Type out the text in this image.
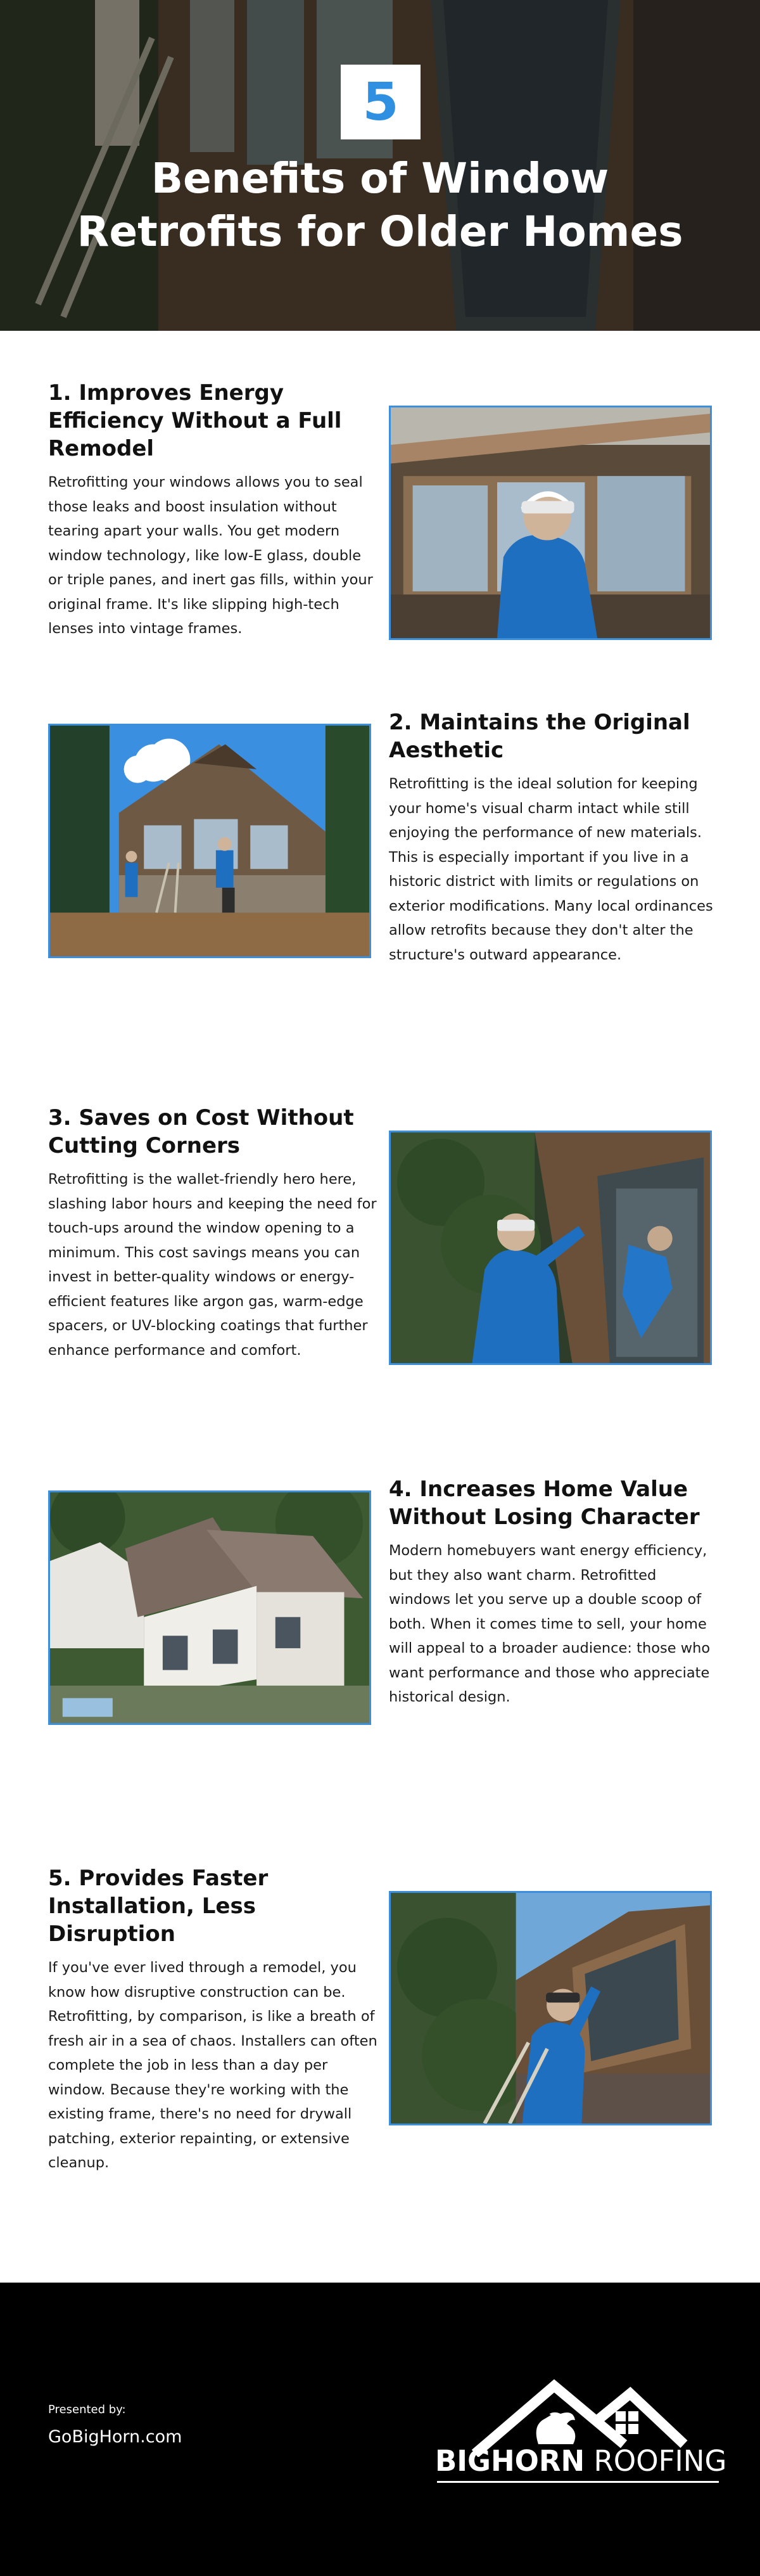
5
Benefits of Window Retrofits for Older Homes
1. Improves Energy Efficiency Without a Full Remodel
Retrofitting your windows allows you to seal those leaks and boost insulation without tearing apart your walls. You get modern window technology, like low-E glass, double or triple panes, and inert gas fills, within your original frame. It's like slipping high-tech lenses into vintage frames.
2. Maintains the Original Aesthetic
Retrofitting is the ideal solution for keeping your home's visual charm intact while still enjoying the performance of new materials. This is especially important if you live in a historic district with limits or regulations on exterior modifications. Many local ordinances allow retrofits because they don't alter the structure's outward appearance.
3. Saves on Cost Without Cutting Corners
Retrofitting is the wallet-friendly hero here, slashing labor hours and keeping the need for touch-ups around the window opening to a minimum. This cost savings means you can invest in better-quality windows or energy-efficient features like argon gas, warm-edge spacers, or UV-blocking coatings that further enhance performance and comfort.
4. Increases Home Value Without Losing Character
Modern homebuyers want energy efficiency, but they also want charm. Retrofitted windows let you serve up a double scoop of both. When it comes time to sell, your home will appeal to a broader audience: those who want performance and those who appreciate historical design.
5. Provides Faster Installation, Less Disruption
If you've ever lived through a remodel, you know how disruptive construction can be. Retrofitting, by comparison, is like a breath of fresh air in a sea of chaos. Installers can often complete the job in less than a day per window. Because they're working with the existing frame, there's no need for drywall patching, exterior repainting, or extensive cleanup.
Presented by:
GoBigHorn.com
BIGHORN ROOFING
